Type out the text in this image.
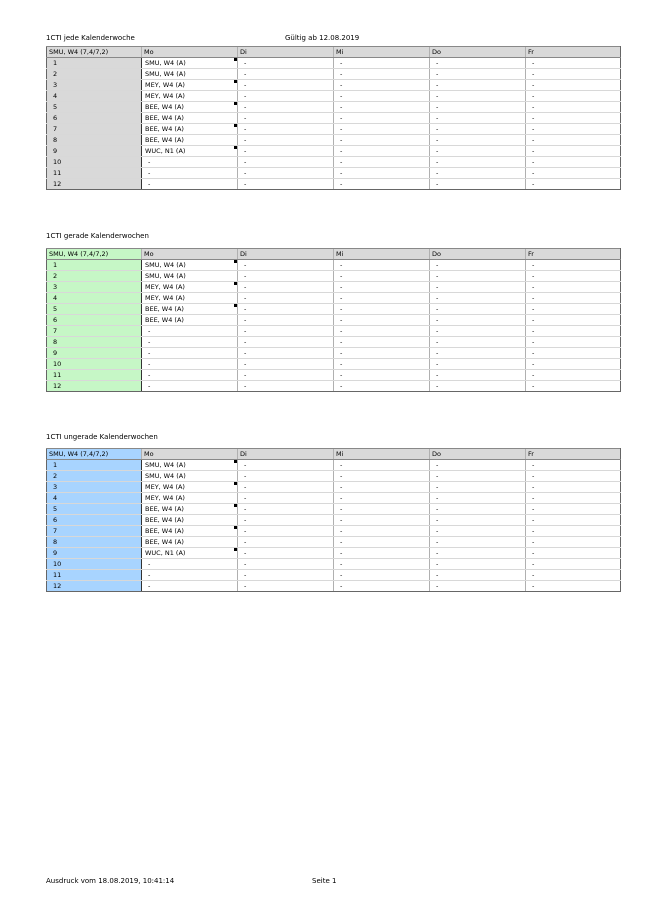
1CTI jede Kalenderwoche	Gültig ab 12.08.2019
SMU, W4 (7,4/7,2)	Mo	Di	Mi	Do	Fr
1	SMU, W4 (A)	-	-	-	-
2	SMU, W4 (A)	-	-	-	-
3	MEY, W4 (A)	-	-	-	-
4	MEY, W4 (A)	-	-	-	-
5	BEE, W4 (A)	-	-	-	-
6	BEE, W4 (A)	-	-	-	-
7	BEE, W4 (A)	-	-	-	-
8	BEE, W4 (A)	-	-	-	-
9	WUC, N1 (A)	-	-	-	-
10	-	-	-	-	-
11	-	-	-	-	-
12	-	-	-	-	-
1CTI gerade Kalenderwochen
SMU, W4 (7,4/7,2)	Mo	Di	Mi	Do	Fr
1	SMU, W4 (A)	-	-	-	-
2	SMU, W4 (A)	-	-	-	-
3	MEY, W4 (A)	-	-	-	-
4	MEY, W4 (A)	-	-	-	-
5	BEE, W4 (A)	-	-	-	-
6	BEE, W4 (A)	-	-	-	-
7	-	-	-	-	-
8	-	-	-	-	-
9	-	-	-	-	-
10	-	-	-	-	-
11	-	-	-	-	-
12	-	-	-	-	-
1CTI ungerade Kalenderwochen
SMU, W4 (7,4/7,2)	Mo	Di	Mi	Do	Fr
1	SMU, W4 (A)	-	-	-	-
2	SMU, W4 (A)	-	-	-	-
3	MEY, W4 (A)	-	-	-	-
4	MEY, W4 (A)	-	-	-	-
5	BEE, W4 (A)	-	-	-	-
6	BEE, W4 (A)	-	-	-	-
7	BEE, W4 (A)	-	-	-	-
8	BEE, W4 (A)	-	-	-	-
9	WUC, N1 (A)	-	-	-	-
10	-	-	-	-	-
11	-	-	-	-	-
12	-	-	-	-	-
Ausdruck vom 18.08.2019, 10:41:14	Seite 1
